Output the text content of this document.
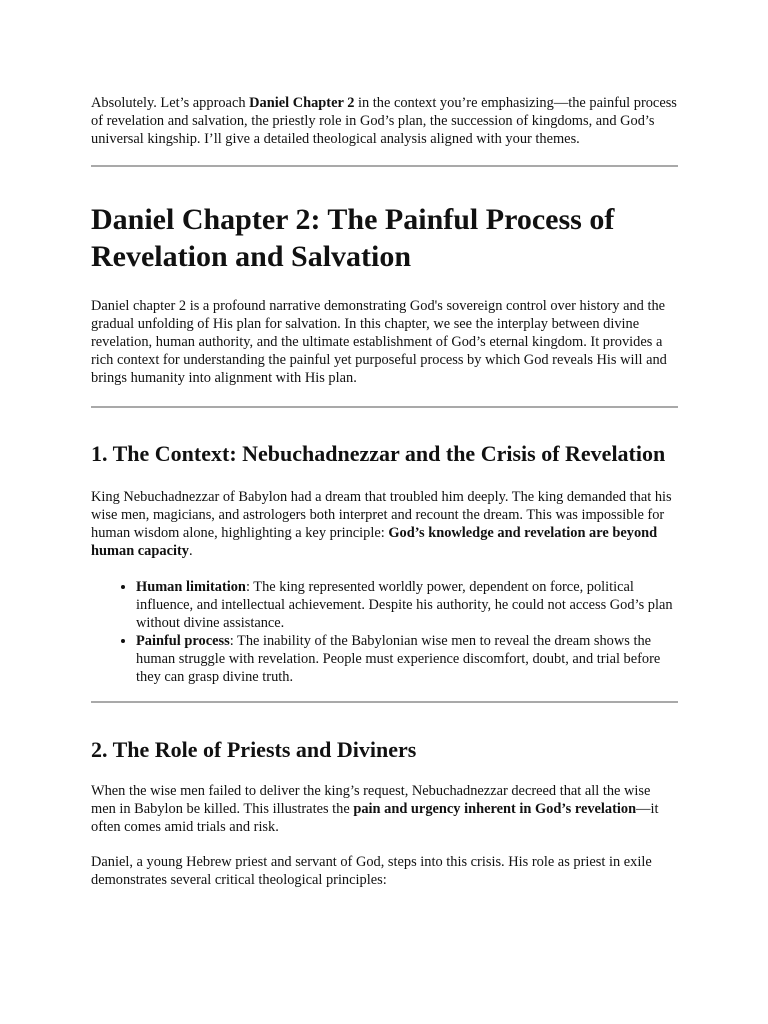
Absolutely. Let’s approach Daniel Chapter 2 in the context you’re emphasizing—the painful process of revelation and salvation, the priestly role in God’s plan, the succession of kingdoms, and God’s universal kingship. I’ll give a detailed theological analysis aligned with your themes.

Daniel Chapter 2: The Painful Process of Revelation and Salvation

Daniel chapter 2 is a profound narrative demonstrating God's sovereign control over history and the gradual unfolding of His plan for salvation. In this chapter, we see the interplay between divine revelation, human authority, and the ultimate establishment of God’s eternal kingdom. It provides a rich context for understanding the painful yet purposeful process by which God reveals His will and brings humanity into alignment with His plan.

1. The Context: Nebuchadnezzar and the Crisis of Revelation

King Nebuchadnezzar of Babylon had a dream that troubled him deeply. The king demanded that his wise men, magicians, and astrologers both interpret and recount the dream. This was impossible for human wisdom alone, highlighting a key principle: God’s knowledge and revelation are beyond human capacity.

• Human limitation: The king represented worldly power, dependent on force, political influence, and intellectual achievement. Despite his authority, he could not access God’s plan without divine assistance.
• Painful process: The inability of the Babylonian wise men to reveal the dream shows the human struggle with revelation. People must experience discomfort, doubt, and trial before they can grasp divine truth.
2. The Role of Priests and Diviners

When the wise men failed to deliver the king’s request, Nebuchadnezzar decreed that all the wise men in Babylon be killed. This illustrates the pain and urgency inherent in God’s revelation—it often comes amid trials and risk.

Daniel, a young Hebrew priest and servant of God, steps into this crisis. His role as priest in exile demonstrates several critical theological principles:
